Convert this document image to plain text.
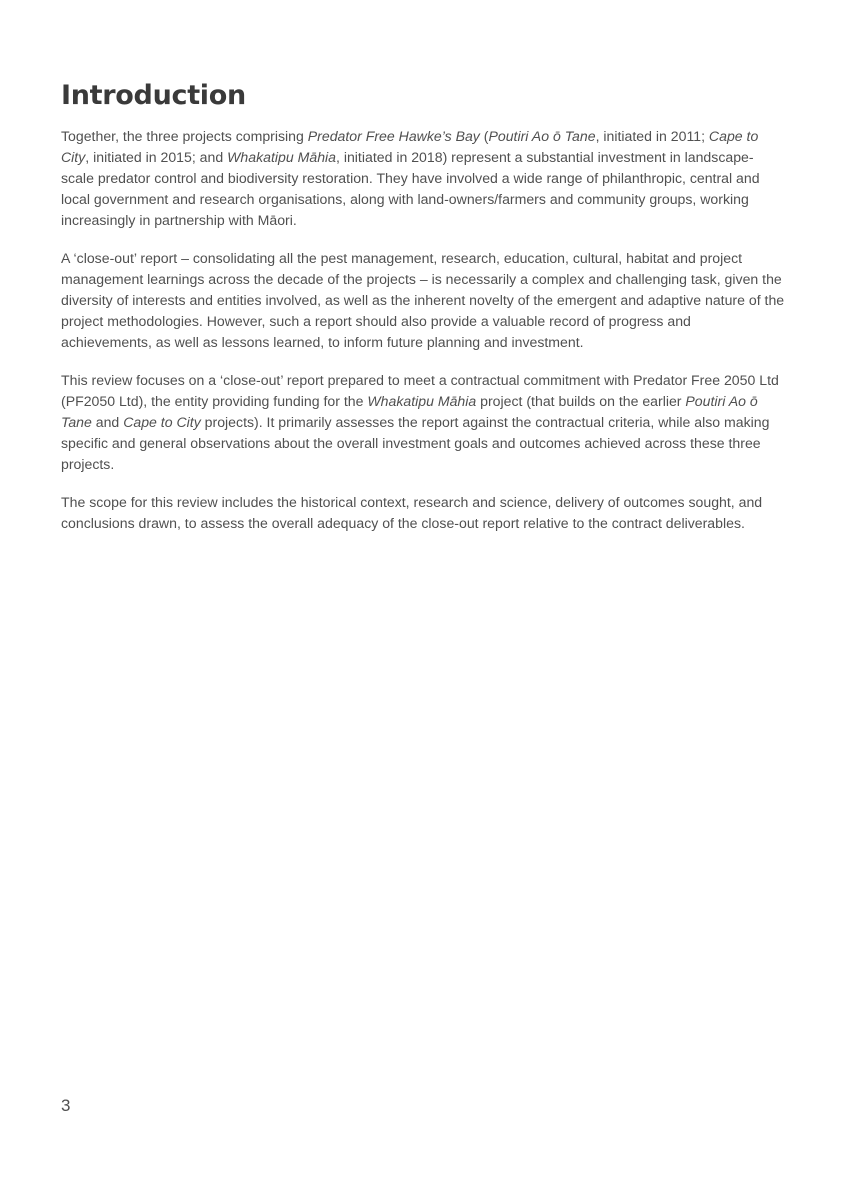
Introduction

Together, the three projects comprising Predator Free Hawke’s Bay (Poutiri Ao ō Tane, initiated in 2011; Cape to City, initiated in 2015; and Whakatipu Māhia, initiated in 2018) represent a substantial investment in landscape-scale predator control and biodiversity restoration. They have involved a wide range of philanthropic, central and local government and research organisations, along with land-owners/farmers and community groups, working increasingly in partnership with Māori.

A ‘close-out’ report – consolidating all the pest management, research, education, cultural, habitat and project management learnings across the decade of the projects – is necessarily a complex and challenging task, given the diversity of interests and entities involved, as well as the inherent novelty of the emergent and adaptive nature of the project methodologies. However, such a report should also provide a valuable record of progress and achievements, as well as lessons learned, to inform future planning and investment.

This review focuses on a ‘close-out’ report prepared to meet a contractual commitment with Predator Free 2050 Ltd (PF2050 Ltd), the entity providing funding for the Whakatipu Māhia project (that builds on the earlier Poutiri Ao ō Tane and Cape to City projects). It primarily assesses the report against the contractual criteria, while also making specific and general observations about the overall investment goals and outcomes achieved across these three projects.

The scope for this review includes the historical context, research and science, delivery of outcomes sought, and conclusions drawn, to assess the overall adequacy of the close-out report relative to the contract deliverables.

3
